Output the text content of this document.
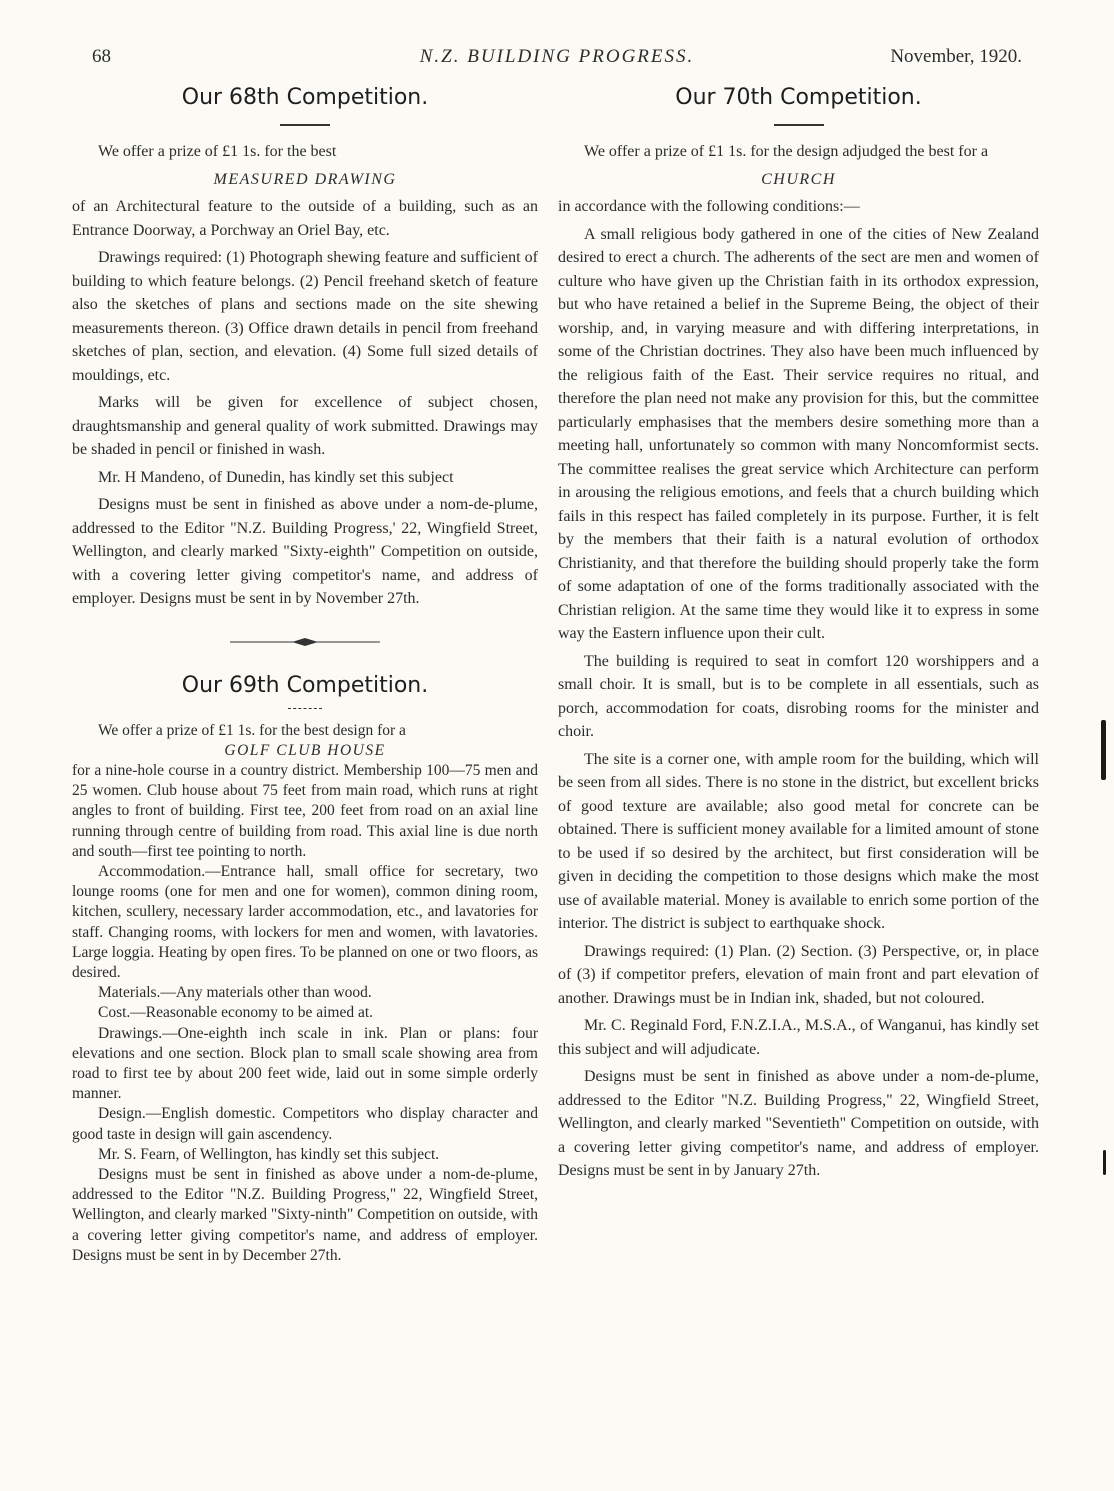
68	N.Z. BUILDING PROGRESS.	November, 1920.
Our 68th Competition.

We offer a prize of £1 1s. for the best

MEASURED DRAWING

of an Architectural feature to the outside of a building, such as an Entrance Doorway, a Porchway an Oriel Bay, etc.

Drawings required: (1) Photograph shewing feature and sufficient of building to which feature belongs. (2) Pencil freehand sketch of feature also the sketches of plans and sections made on the site shewing measurements thereon. (3) Office drawn details in pencil from freehand sketches of plan, section, and elevation. (4) Some full sized details of mouldings, etc.

Marks will be given for excellence of subject chosen, draughtsmanship and general quality of work submitted. Drawings may be shaded in pencil or finished in wash.

Mr. H Mandeno, of Dunedin, has kindly set this subject

Designs must be sent in finished as above under a nom-de-plume, addressed to the Editor "N.Z. Building Progress,' 22, Wingfield Street, Wellington, and clearly marked "Sixty-eighth" Competition on outside, with a covering letter giving competitor's name, and address of employer. Designs must be sent in by November 27th.

Our 69th Competition.

We offer a prize of £1 1s. for the best design for a

GOLF CLUB HOUSE

for a nine-hole course in a country district. Membership 100—75 men and 25 women. Club house about 75 feet from main road, which runs at right angles to front of building. First tee, 200 feet from road on an axial line running through centre of building from road. This axial line is due north and south—first tee pointing to north.

Accommodation.—Entrance hall, small office for secretary, two lounge rooms (one for men and one for women), common dining room, kitchen, scullery, necessary larder accommodation, etc., and lavatories for staff. Changing rooms, with lockers for men and women, with lavatories. Large loggia. Heating by open fires. To be planned on one or two floors, as desired.

Materials.—Any materials other than wood.

Cost.—Reasonable economy to be aimed at.

Drawings.—One-eighth inch scale in ink. Plan or plans: four elevations and one section. Block plan to small scale showing area from road to first tee by about 200 feet wide, laid out in some simple orderly manner.

Design.—English domestic. Competitors who display character and good taste in design will gain ascendency.

Mr. S. Fearn, of Wellington, has kindly set this subject.

Designs must be sent in finished as above under a nom-de-plume, addressed to the Editor "N.Z. Building Progress," 22, Wingfield Street, Wellington, and clearly marked "Sixty-ninth" Competition on outside, with a covering letter giving competitor's name, and address of employer. Designs must be sent in by December 27th.

Our 70th Competition.

We offer a prize of £1 1s. for the design adjudged the best for a

CHURCH

in accordance with the following conditions:—

A small religious body gathered in one of the cities of New Zealand desired to erect a church. The adherents of the sect are men and women of culture who have given up the Christian faith in its orthodox expression, but who have retained a belief in the Supreme Being, the object of their worship, and, in varying measure and with differing interpretations, in some of the Christian doctrines. They also have been much influenced by the religious faith of the East. Their service requires no ritual, and therefore the plan need not make any provision for this, but the committee particularly emphasises that the members desire something more than a meeting hall, unfortunately so common with many Noncomformist sects. The committee realises the great service which Architecture can perform in arousing the religious emotions, and feels that a church building which fails in this respect has failed completely in its purpose. Further, it is felt by the members that their faith is a natural evolution of orthodox Christianity, and that therefore the building should properly take the form of some adaptation of one of the forms traditionally associated with the Christian religion. At the same time they would like it to express in some way the Eastern influence upon their cult.

The building is required to seat in comfort 120 worshippers and a small choir. It is small, but is to be complete in all essentials, such as porch, accommodation for coats, disrobing rooms for the minister and choir.

The site is a corner one, with ample room for the building, which will be seen from all sides. There is no stone in the district, but excellent bricks of good texture are available; also good metal for concrete can be obtained. There is sufficient money available for a limited amount of stone to be used if so desired by the architect, but first consideration will be given in deciding the competition to those designs which make the most use of available material. Money is available to enrich some portion of the interior. The district is subject to earthquake shock.

Drawings required: (1) Plan. (2) Section. (3) Perspective, or, in place of (3) if competitor prefers, elevation of main front and part elevation of another. Drawings must be in Indian ink, shaded, but not coloured.

Mr. C. Reginald Ford, F.N.Z.I.A., M.S.A., of Wanganui, has kindly set this subject and will adjudicate.

Designs must be sent in finished as above under a nom-de-plume, addressed to the Editor "N.Z. Building Progress," 22, Wingfield Street, Wellington, and clearly marked "Seventieth" Competition on outside, with a covering letter giving competitor's name, and address of employer. Designs must be sent in by January 27th.
